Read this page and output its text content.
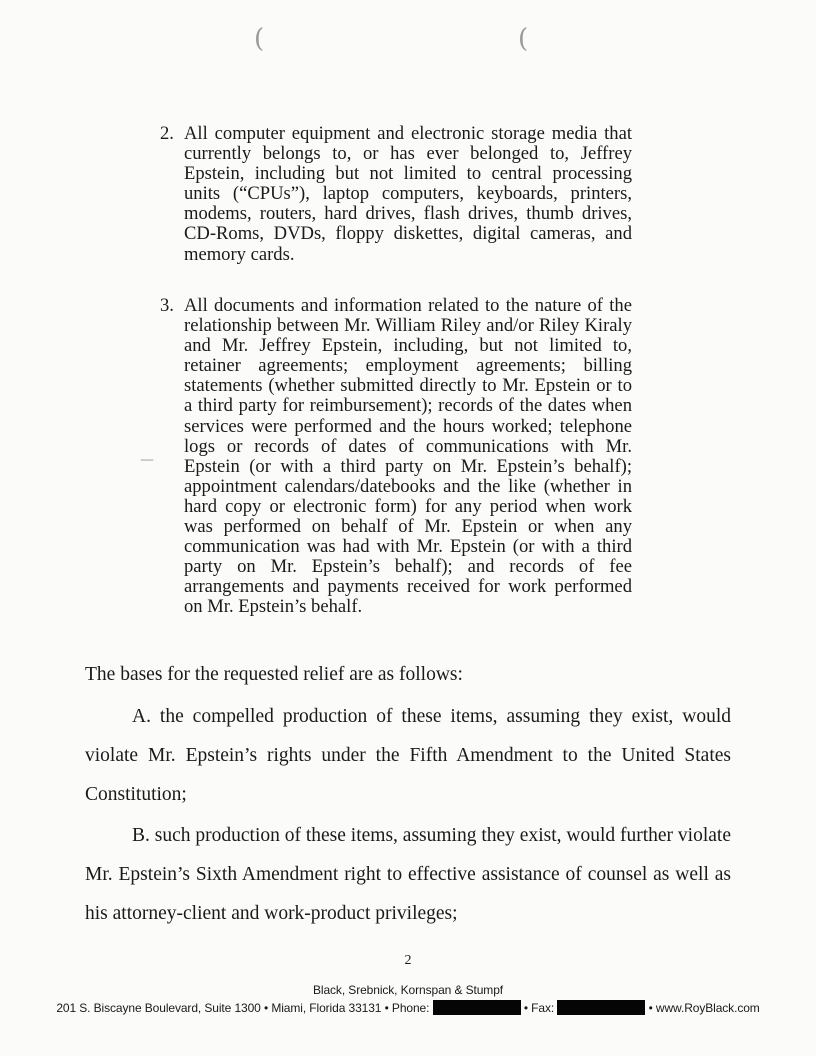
(	(
—
2. All computer equipment and electronic storage media that currently belongs to, or has ever belonged to, Jeffrey Epstein, including but not limited to central processing units (“CPUs”), laptop computers, keyboards, printers, modems, routers, hard drives, flash drives, thumb drives, CD-Roms, DVDs, floppy diskettes, digital cameras, and memory cards.
3. All documents and information related to the nature of the relationship between Mr. William Riley and/or Riley Kiraly and Mr. Jeffrey Epstein, including, but not limited to, retainer agreements; employment agreements; billing statements (whether submitted directly to Mr. Epstein or to a third party for reimbursement); records of the dates when services were performed and the hours worked; telephone logs or records of dates of communications with Mr. Epstein (or with a third party on Mr. Epstein’s behalf); appointment calendars/datebooks and the like (whether in hard copy or electronic form) for any period when work was performed on behalf of Mr. Epstein or when any communication was had with Mr. Epstein (or with a third party on Mr. Epstein’s behalf); and records of fee arrangements and payments received for work performed on Mr. Epstein’s behalf.
The bases for the requested relief are as follows:
A. the compelled production of these items, assuming they exist, would violate Mr. Epstein’s rights under the Fifth Amendment to the United States Constitution;
B. such production of these items, assuming they exist, would further violate Mr. Epstein’s Sixth Amendment right to effective assistance of counsel as well as his attorney-client and work-product privileges;
2
Black, Srebnick, Kornspan & Stumpf
201 S. Biscayne Boulevard, Suite 1300 • Miami, Florida 33131 • Phone:	• Fax:	• www.RoyBlack.com
